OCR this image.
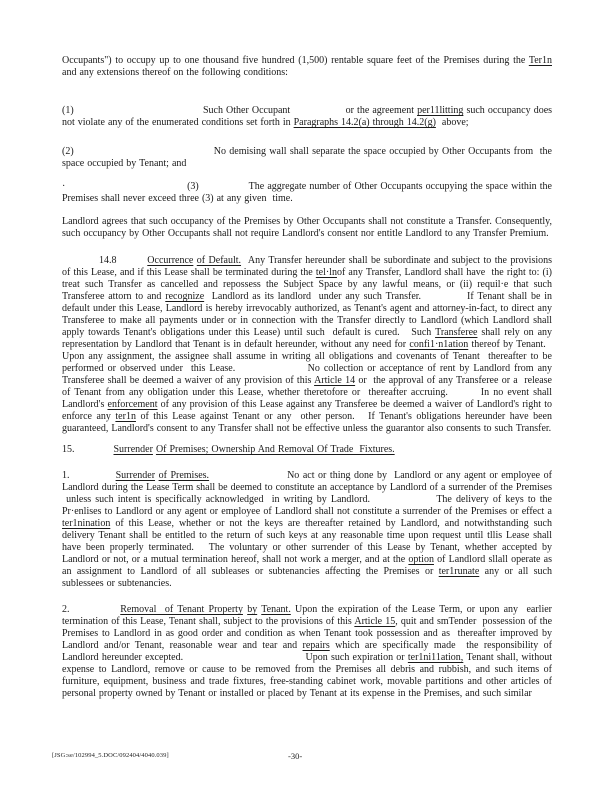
Occupants") to occupy up to one thousand five hundred (1,500) rentable square feet of the Premises during the Ter1n and any extensions thereof on the following conditions:

(1)	Such Other Occupant	or the agreement per11litting such occupancy does not violate any of the enumerated conditions set forth in Paragraphs 14.2(a) through 14.2(g)  above;

(2)	No demising wall shall separate the space occupied by Other Occupants from  the space occupied by Tenant; and

·	(3)	The aggregate number of Other Occupants occupying the space within the Premises shall never exceed three (3) at any given  time.

Landlord agrees that such occupancy of the Premises by Other Occupants shall not constitute a Transfer. Consequently, such occupancy by Other Occupants shall not require Landlord's consent nor entitle Landlord to any Transfer Premium.

14.8	Occurrence of Default.  Any Transfer hereunder shall be subordinate and subject to the provisions of this Lease, and if this Lease shall be terminated during the tel·lnof any Transfer, Landlord shall have  the right to: (i) treat such Transfer as cancelled and repossess the Subject Space by any lawful means, or (ii) requil·e that such Transferee attorn to and recognize  Landlord as its landlord  under any such Transfer.	If Tenant shall be in default under this Lease, Landlord is hereby irrevocably authorized, as Tenant's agent and attorney-in-fact, to direct any Transferee to make all payments under or in connection with the Transfer directly to Landlord (which Landlord shall apply towards Tenant's obligations under this Lease) until such  default is cured.   Such Transferee shall rely on any representation by Landlord that Tenant is in default hereunder, without any need for confi1·n1ation thereof by Tenant.   Upon any assignment, the assignee shall assume in writing all obligations and covenants of Tenant  thereafter to be performed or observed under  this Lease.	No collection or acceptance of rent by Landlord from any Transferee shall be deemed a waiver of any provision of this Article 14 or  the approval of any Transferee or a  release of Tenant from any obligation under this Lease, whether theretofore or  thereafter accruing.	In no event shall Landlord's enforcement of any provision of this Lease against any Transferee be deemed a waiver of Landlord's right to enforce any ter1n of this Lease against Tenant or any  other person.   If Tenant's obligations hereunder have been guaranteed, Landlord's consent to any Transfer shall not be effective unless the guarantor also consents to such Transfer.

15.	Surrender Of Premises; Ownership And Removal Of Trade  Fixtures.

1.	Surrender of Premises.	No act or thing done by  Landlord or any agent or employee of Landlord during the Lease Term shall be deemed to constitute an acceptance by Landlord of a surrender of the Premises  unless such intent is specifically acknowledged  in writing by Landlord.	The delivery of keys to the Pr·enlises to Landlord or any agent or employee of Landlord shall not constitute a surrender of the Premises or effect a ter1nination of this Lease, whether or not the keys are thereafter retained by Landlord, and notwithstanding such delivery Tenant shall be entitled to the return of such keys at any reasonable time upon request until tllis Lease shall have been properly terminated.   The voluntary or other surrender of this Lease by Tenant, whether accepted by Landlord or not, or a mutual termination hereof, shall not work a merger, and at the option of Landlord sllall operate as an assignment to Landlord of all subleases or subtenancies affecting the Premises or ter1runate any or all such sublessees or subtenancies.

2.	Removal  of Tenant Property by Tenant. Upon the expiration of the Lease Term, or upon any  earlier termination of this Lease, Tenant shall, subject to the provisions of this Article 15, quit and smTender  possession of the Premises to Landlord in as good order and condition as when Tenant took possession and as  thereafter improved by Landlord and/or Tenant, reasonable wear and tear and repairs which are specifically made  the responsibility of Landlord hereunder excepted.	Upon such expiration or ter1ni11ation, Tenant shall, without expense to Landlord, remove or cause to be removed from the Premises all debris and rubbish, and such items of furniture, equipment, business and trade fixtures, free-standing cabinet work, movable partitions and other articles of personal property owned by Tenant or installed or placed by Tenant at its expense in the Premises, and such similar

[JSG:se/102994_5.DOC/092404/4040.039]	-30-
